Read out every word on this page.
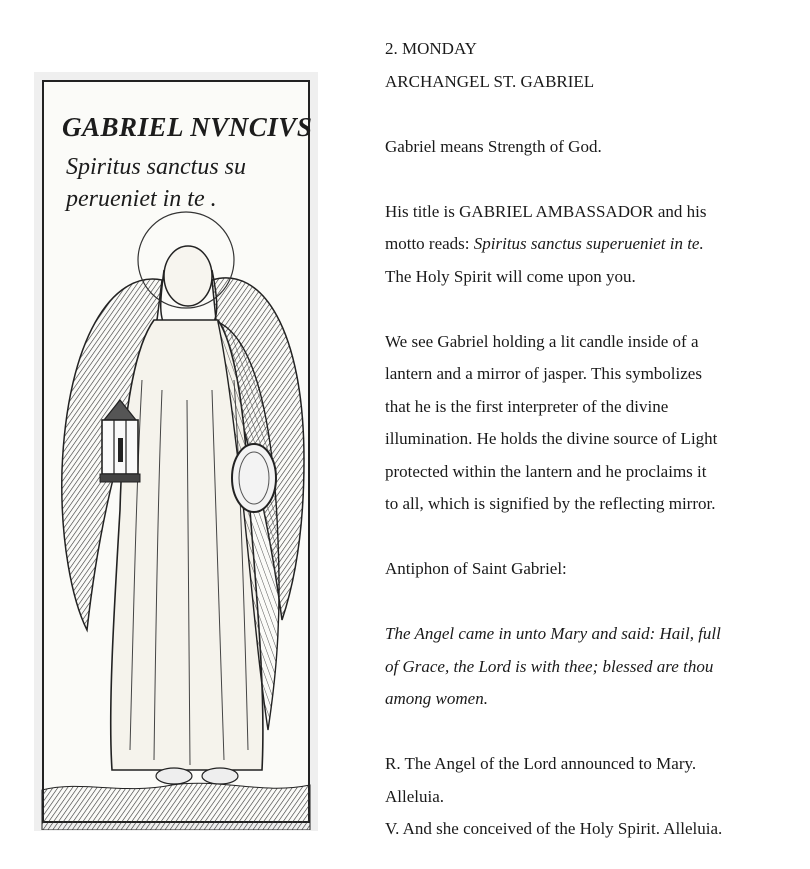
GABRIEL NVNCIVS
Spiritus sanctus su
perueniet in te .

2. MONDAY

ARCHANGEL ST. GABRIEL

Gabriel means Strength of God.

His title is GABRIEL AMBASSADOR and his

motto reads: Spiritus sanctus superueniet in te.

The Holy Spirit will come upon you.

We see Gabriel holding a lit candle inside of a

lantern and a mirror of jasper. This symbolizes

that he is the first interpreter of the divine

illumination. He holds the divine source of Light

protected within the lantern and he proclaims it

to all, which is signified by the reflecting mirror.

Antiphon of Saint Gabriel:

The Angel came in unto Mary and said: Hail, full

of Grace, the Lord is with thee; blessed are thou

among women.

R. The Angel of the Lord announced to Mary.

Alleluia.

V. And she conceived of the Holy Spirit. Alleluia.
